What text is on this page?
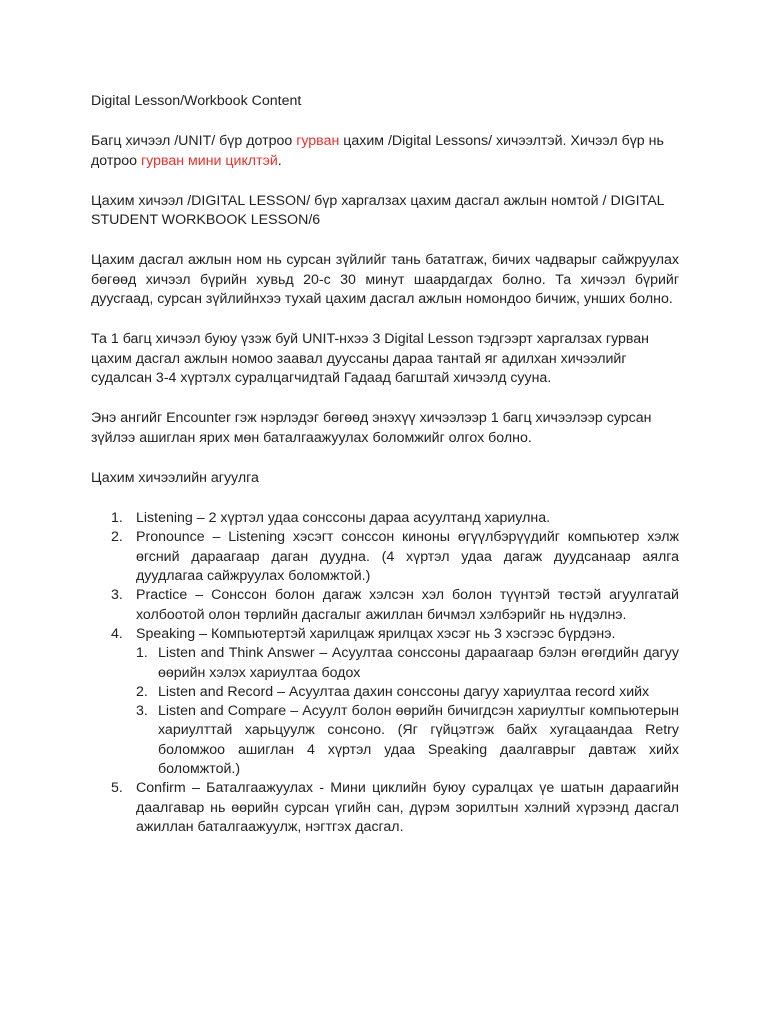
Digital Lesson/Workbook Content

Багц хичээл /UNIT/ бүр дотроо гурван цахим /Digital Lessons/ хичээлтэй. Хичээл бүр нь дотроо гурван мини циклтэй.

Цахим хичээл /DIGITAL LESSON/ бүр харгалзах цахим дасгал ажлын номтой / DIGITAL STUDENT WORKBOOK LESSON/6

Цахим дасгал ажлын ном нь сурсан зүйлийг тань бататгаж, бичих чадварыг сайжруулах бөгөөд хичээл бүрийн хувьд 20-с 30 минут шаардагдах болно. Та хичээл бүрийг дуусгаад, сурсан зүйлийнхээ тухай цахим дасгал ажлын номондоо бичиж, унших болно.

Та 1 багц хичээл буюу үзэж буй UNIT-нхээ 3 Digital Lesson тэдгээрт харгалзах гурван цахим дасгал ажлын номоо заавал дуусcаны дараа тантай яг адилхан хичээлийг судалсан 3-4 хүртэлх суралцагчидтай Гадаад багштай хичээлд сууна.

Энэ ангийг Encounter гэж нэрлэдэг бөгөөд энэхүү хичээлээр 1 багц хичээлээр сурсан зүйлээ ашиглан ярих мөн баталгаажуулах боломжийг олгох болно.

Цахим хичээлийн агуулга

1. Listening – 2 хүртэл удаа сонсcоны дараа асуултанд хариулна.
2. Pronounce – Listening хэсэгт сонсcон киноны өгүүлбэрүүдийг компьютер хэлж өгсний дараагаар даган дуудна. (4 хүртэл удаа дагаж дуудсанаар аялга дуудлагаа сайжруулах боломжтой.)
3. Practice – Сонсcон болон дагаж хэлсэн хэл болон түүнтэй төстэй агуулгатай холбоотой олон төрлийн дасгалыг ажиллан бичмэл хэлбэрийг нь нүдэлнэ.
4. Speaking – Компьютертэй харилцаж ярилцах хэсэг нь 3 хэсгээс бүрдэнэ.
1. Listen and Think Answer – Асуултаа сонсcоны дараагаар бэлэн өгөгдийн дагуу өөрийн хэлэх хариултаа бодох
2. Listen and Record – Асуултаа дахин сонсcоны дагуу хариултаа record хийх
3. Listen and Compare – Асуулт болон өөрийн бичигдсэн хариултыг компьютерын хариулттай харьцуулж сонсоно. (Яг гүйцэтгэж байх хугацаандаа Retry боломжоо ашиглан 4 хүртэл удаа Speaking даалгаврыг давтаж хийх боломжтой.)
5. Confirm – Баталгаажуулах - Мини циклийн буюу суралцах үе шатын дараагийн даалгавар нь өөрийн сурсан үгийн сан, дүрэм зорилтын хэлний хүрээнд дасгал ажиллан баталгаажуулж, нэгтгэх дасгал.
